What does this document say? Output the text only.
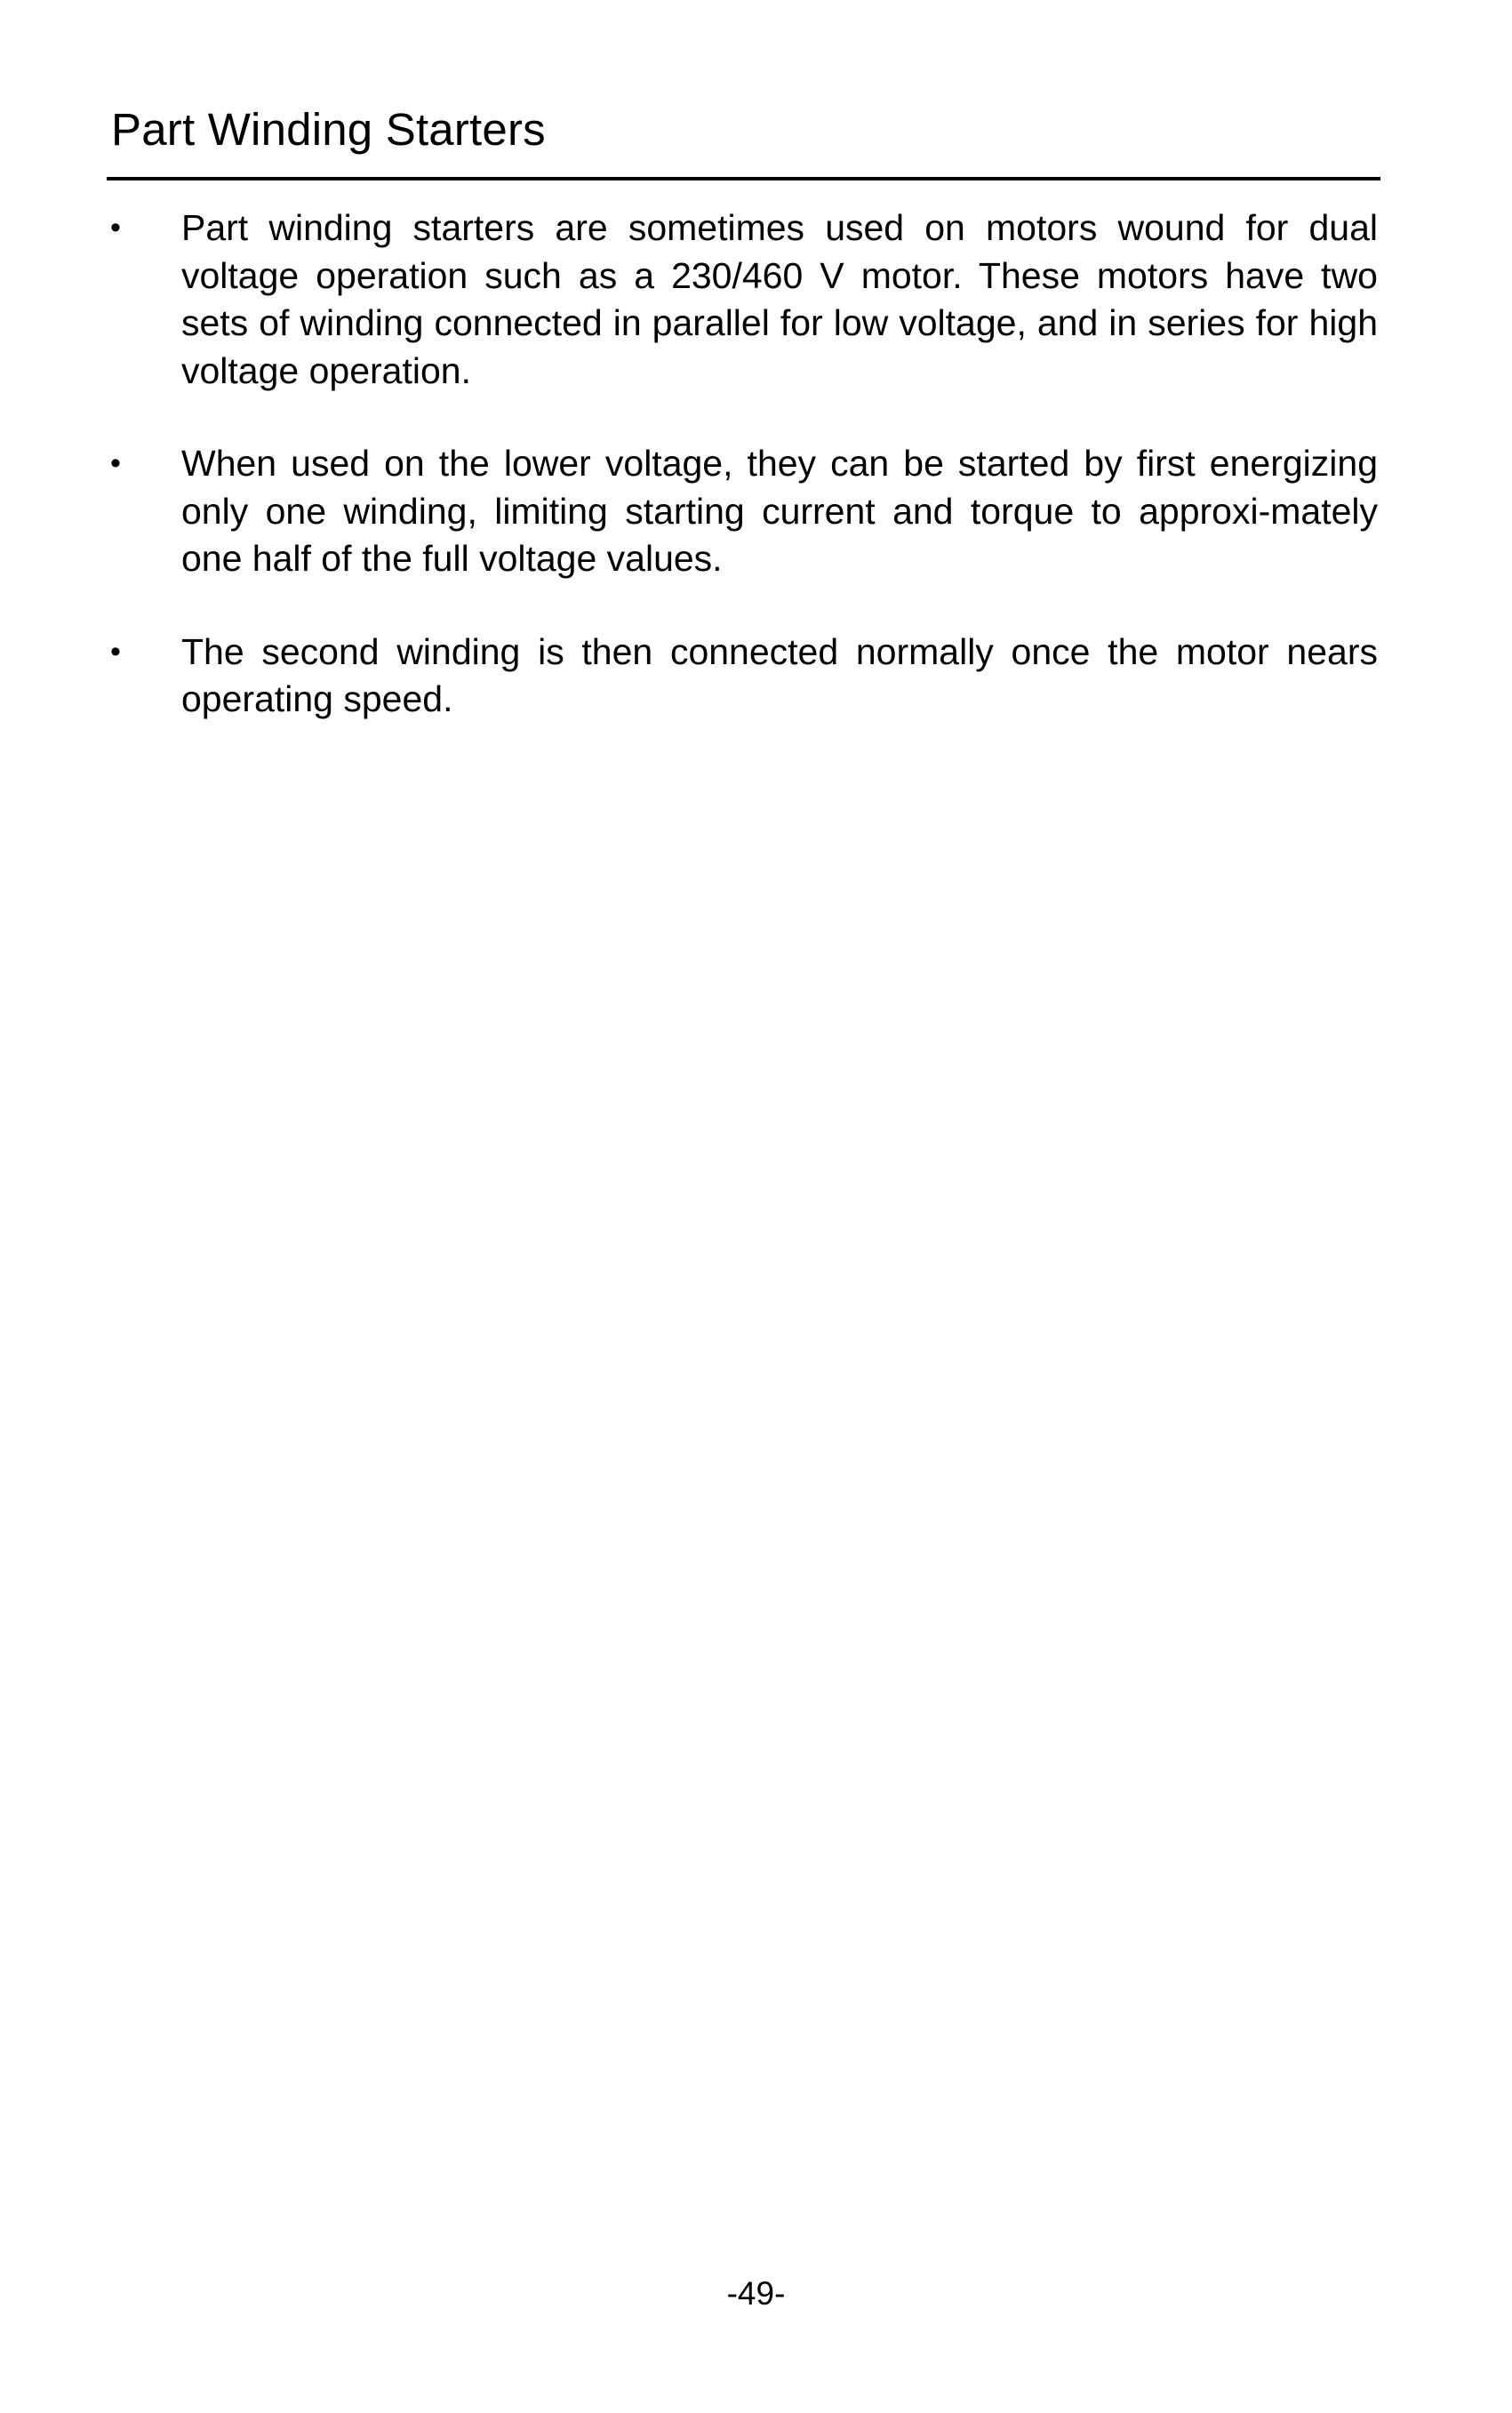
Part Winding Starters
• Part winding starters are sometimes used on motors wound for dual voltage operation such as a 230/460 V motor. These motors have two sets of winding connected in parallel for low voltage, and in series for high voltage operation.
• When used on the lower voltage, they can be started by first energizing only one winding, limiting starting current and torque to approxi-mately one half of the full voltage values.
• The second winding is then connected normally once the motor nears operating speed.
-49-
